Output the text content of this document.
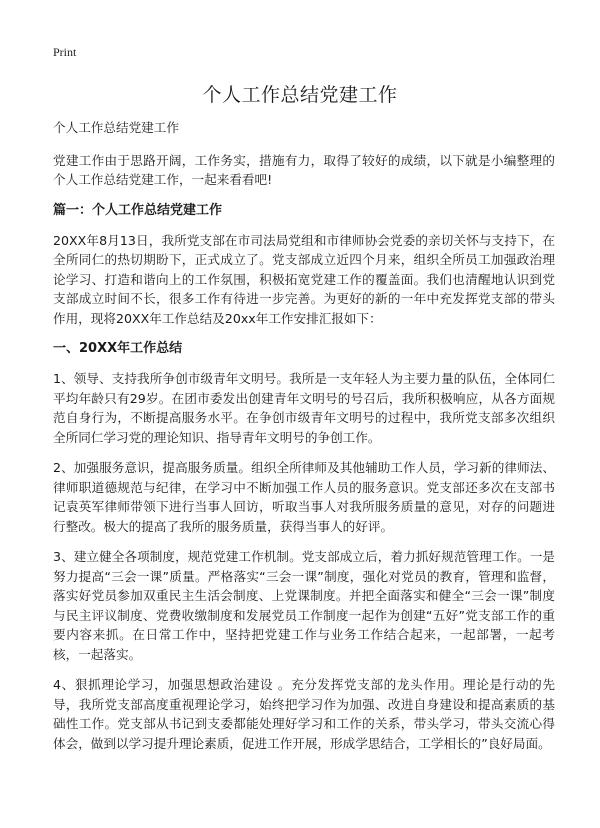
Print
个人工作总结党建工作

个人工作总结党建工作

党建工作由于思路开阔，工作务实，措施有力，取得了较好的成绩，以下就是小编整理的个人工作总结党建工作，一起来看看吧!

篇一：个人工作总结党建工作

20XX年8月13日，我所党支部在市司法局党组和市律师协会党委的亲切关怀与支持下，在全所同仁的热切期盼下，正式成立了。党支部成立近四个月来，组织全所员工加强政治理论学习、打造和谐向上的工作氛围，积极拓宽党建工作的覆盖面。我们也清醒地认识到党支部成立时间不长，很多工作有待进一步完善。为更好的新的一年中充发挥党支部的带头作用，现将20XX年工作总结及20xx年工作安排汇报如下：

一、20XX年工作总结

1、领导、支持我所争创市级青年文明号。我所是一支年轻人为主要力量的队伍，全体同仁平均年龄只有29岁。在团市委发出创建青年文明号的号召后，我所积极响应，从各方面规范自身行为，不断提高服务水平。在争创市级青年文明号的过程中，我所党支部多次组织全所同仁学习党的理论知识、指导青年文明号的争创工作。

2、加强服务意识，提高服务质量。组织全所律师及其他辅助工作人员，学习新的律师法、律师职道德规范与纪律，在学习中不断加强工作人员的服务意识。党支部还多次在支部书记袁英军律师带领下进行当事人回访，听取当事人对我所服务质量的意见，对存的问题进行整改。极大的提高了我所的服务质量，获得当事人的好评。

3、建立健全各项制度，规范党建工作机制。党支部成立后，着力抓好规范管理工作。一是努力提高“三会一课”质量。严格落实“三会一课”制度，强化对党员的教育，管理和监督，落实好党员参加双重民主生活会制度、上党课制度。并把全面落实和健全“三会一课”制度与民主评议制度、党费收缴制度和发展党员工作制度一起作为创建“五好”党支部工作的重要内容来抓。在日常工作中，坚持把党建工作与业务工作结合起来，一起部署，一起考核，一起落实。

4、狠抓理论学习，加强思想政治建设 。充分发挥党支部的龙头作用。理论是行动的先导，我所党支部高度重视理论学习，始终把学习作为加强、改进自身建设和提高素质的基础性工作。党支部从书记到支委都能处理好学习和工作的关系，带头学习，带头交流心得体会，做到以学习提升理论素质，促进工作开展，形成学思结合，工学相长的”良好局面。
